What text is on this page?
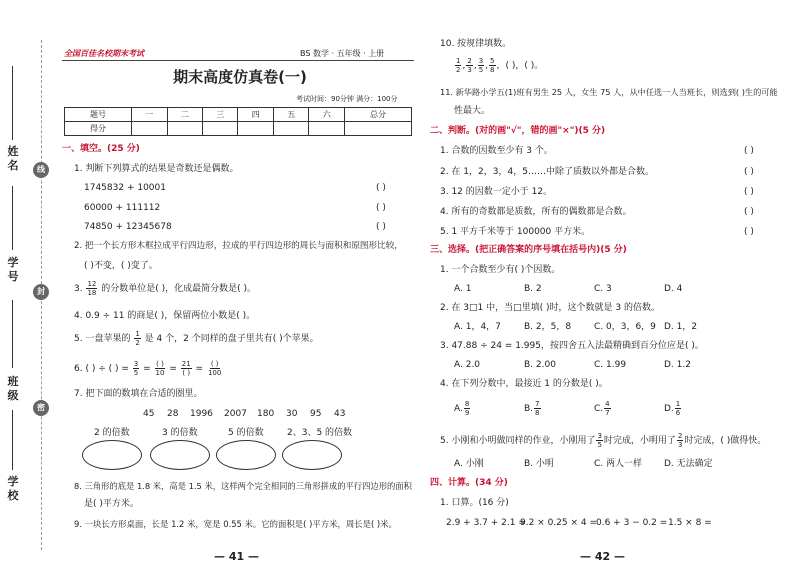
姓名
学号
班级
学校
线
封
密
全国百佳名校期末考试	BS 数学 · 五年级 · 上册
期末高度仿真卷(一)
考试时间：90分钟 满分：100分
题号	一	二	三	四	五	六	总分
得分							
一、填空。(25 分)
1. 判断下列算式的结果是奇数还是偶数。
1745832 + 10001	( )
60000 + 111112	( )
74850 + 12345678	( )
2. 把一个长方形木框拉成平行四边形，拉成的平行四边形的周长与面积和原图形比较，
( )不变，( )变了。
3. $\frac{12}{18}$ 的分数单位是( )，化成最简分数是( )。
4. 0.9 ÷ 11 的商是( )，保留两位小数是( )。
5. 一盘苹果的 $\frac{1}{2}$ 是 4 个，2 个同样的盘子里共有( )个苹果。
6. ( ) ÷ ( ) = $\frac{3}{5} = \frac{( )}{10} = \frac{21}{( )} = \frac{( )}{100}$
7. 把下面的数填在合适的圈里。
45 28 1996 2007 180 30 95 43
2 的倍数	3 的倍数	5 的倍数	2、3、5 的倍数
8. 三角形的底是 1.8 米，高是 1.5 米，这样两个完全相同的三角形拼成的平行四边形的面积
是( )平方米。
9. 一块长方形桌面，长是 1.2 米，宽是 0.55 米。它的面积是( )平方米，周长是( )米。
— 41 —
10. 按规律填数。
$\frac{1}{2}$ , $\frac{2}{3}$ , $\frac{3}{5}$ , $\frac{5}{8}$ ，( )，( )。
11. 新华路小学五(1)班有男生 25 人，女生 75 人，从中任选一人当班长，则选到( )生的可能
性最大。
二、判断。(对的画"√"，错的画"×")(5 分)
1. 合数的因数至少有 3 个。	( )
2. 在 1，2，3，4，5……中除了质数以外都是合数。	( )
3. 12 的因数一定小于 12。	( )
4. 所有的奇数都是质数，所有的偶数都是合数。	( )
5. 1 平方千米等于 100000 平方米。	( )
三、选择。(把正确答案的序号填在括号内)(5 分)
1. 一个合数至少有( )个因数。
A. 1	B. 2	C. 3	D. 4
2. 在 3□1 中，当□里填( )时，这个数就是 3 的倍数。
A. 1，4，7	B. 2，5，8	C. 0，3，6，9 D. 1，2
3. 47.88 ÷ 24 = 1.995，按四舍五入法最精确到百分位应是( )。
A. 2.0	B. 2.00	C. 1.99	D. 1.2
4. 在下列分数中，最接近 1 的分数是( )。
A. $\frac{8}{9}$	B. $\frac{7}{8}$	C. $\frac{4}{7}$	D. $\frac{1}{6}$
5. 小刚和小明做同样的作业，小刚用了 $\frac{3}{5}$ 时完成，小明用了 $\frac{2}{3}$ 时完成，( )做得快。
A. 小刚	B. 小明	C. 两人一样 D. 无法确定
四、计算。(34 分)
1. 口算。(16 分)
2.9 + 3.7 + 2.1 =
9.2 × 0.25 × 4 =
0.6 + 3 − 0.2 = 1.5 × 8 =
— 42 —
